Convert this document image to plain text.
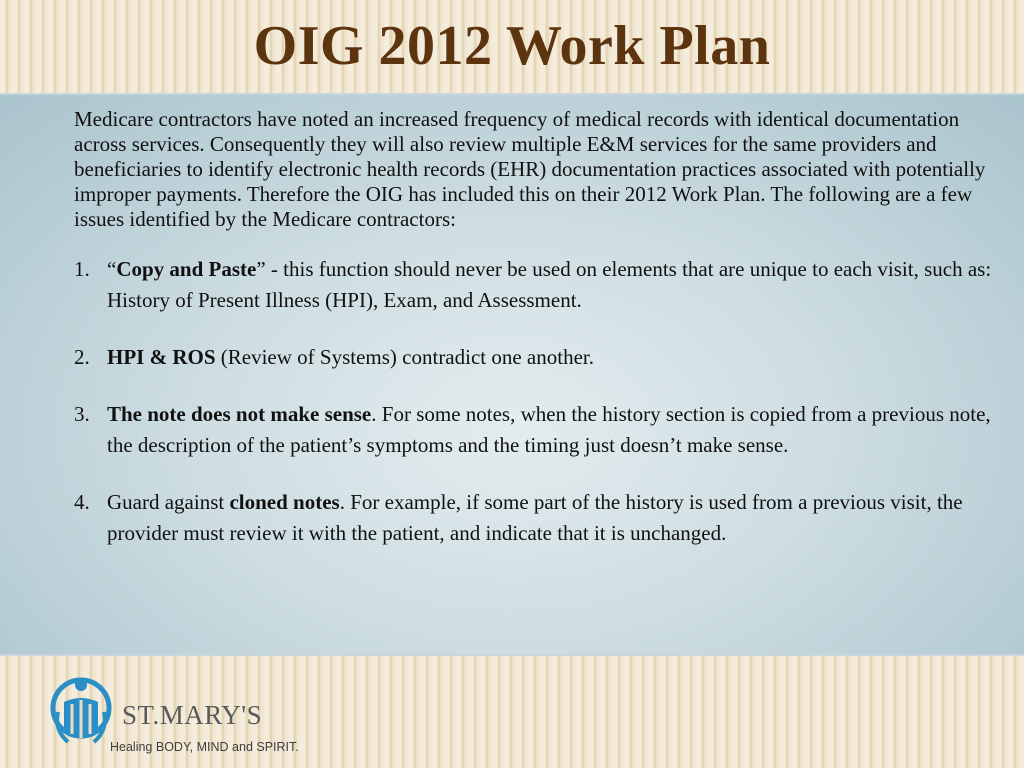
OIG 2012 Work Plan

Medicare contractors have noted an increased frequency of medical records with identical documentation across services. Consequently they will also review multiple E&M services for the same providers and beneficiaries to identify electronic health records (EHR) documentation practices associated with potentially improper payments. Therefore the OIG has included this on their 2012 Work Plan. The following are a few issues identified by the Medicare contractors:

1. “Copy and Paste” - this function should never be used on elements that are unique to each visit, such as: History of Present Illness (HPI), Exam, and Assessment.
2. HPI & ROS (Review of Systems) contradict one another.
3. The note does not make sense. For some notes, when the history section is copied from a previous note, the description of the patient’s symptoms and the timing just doesn’t make sense.
4. Guard against cloned notes. For example, if some part of the history is used from a previous visit, the provider must review it with the patient, and indicate that it is unchanged.
ST.MARY'S
Healing BODY, MIND and SPIRIT.
